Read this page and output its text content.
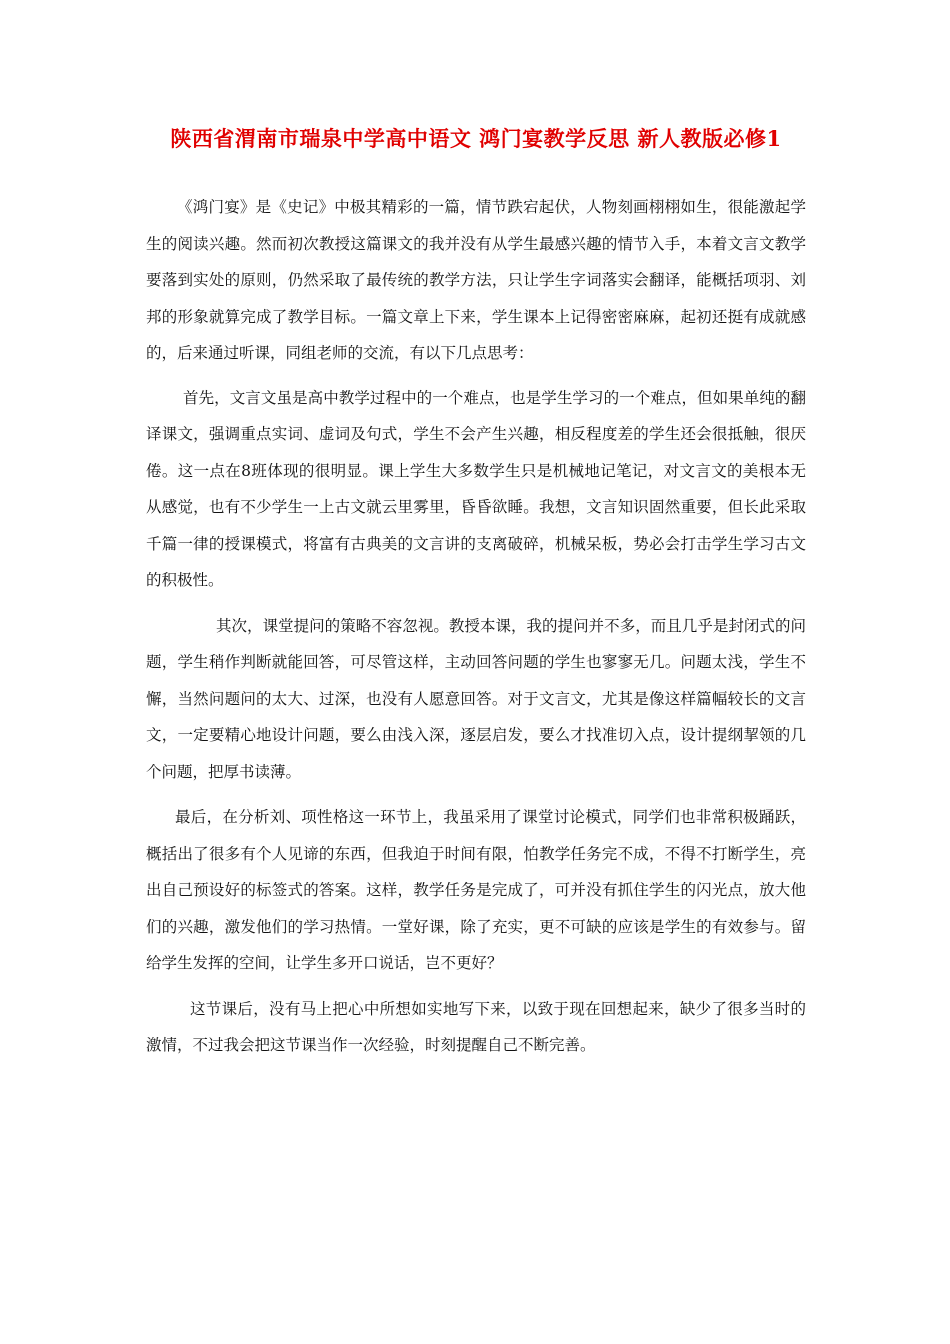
陕西省渭南市瑞泉中学高中语文 鸿门宴教学反思 新人教版必修1

《鸿门宴》是《史记》中极其精彩的一篇，情节跌宕起伏，人物刻画栩栩如生，很能激起学生的阅读兴趣。然而初次教授这篇课文的我并没有从学生最感兴趣的情节入手，本着文言文教学要落到实处的原则，仍然采取了最传统的教学方法，只让学生字词落实会翻译，能概括项羽、刘邦的形象就算完成了教学目标。一篇文章上下来，学生课本上记得密密麻麻，起初还挺有成就感的，后来通过听课，同组老师的交流，有以下几点思考：

首先，文言文虽是高中教学过程中的一个难点，也是学生学习的一个难点，但如果单纯的翻译课文，强调重点实词、虚词及句式，学生不会产生兴趣，相反程度差的学生还会很抵触，很厌倦。这一点在8班体现的很明显。课上学生大多数学生只是机械地记笔记，对文言文的美根本无从感觉，也有不少学生一上古文就云里雾里，昏昏欲睡。我想，文言知识固然重要，但长此采取千篇一律的授课模式，将富有古典美的文言讲的支离破碎，机械呆板，势必会打击学生学习古文的积极性。

其次，课堂提问的策略不容忽视。教授本课，我的提问并不多，而且几乎是封闭式的问题，学生稍作判断就能回答，可尽管这样，主动回答问题的学生也寥寥无几。问题太浅，学生不懈，当然问题问的太大、过深，也没有人愿意回答。对于文言文，尤其是像这样篇幅较长的文言文，一定要精心地设计问题，要么由浅入深，逐层启发，要么才找准切入点，设计提纲挈领的几个问题，把厚书读薄。

最后，在分析刘、项性格这一环节上，我虽采用了课堂讨论模式，同学们也非常积极踊跃，概括出了很多有个人见谛的东西，但我迫于时间有限，怕教学任务完不成，不得不打断学生，亮出自己预设好的标签式的答案。这样，教学任务是完成了，可并没有抓住学生的闪光点，放大他们的兴趣，激发他们的学习热情。一堂好课，除了充实，更不可缺的应该是学生的有效参与。留给学生发挥的空间，让学生多开口说话，岂不更好？

这节课后，没有马上把心中所想如实地写下来，以致于现在回想起来，缺少了很多当时的激情，不过我会把这节课当作一次经验，时刻提醒自己不断完善。
